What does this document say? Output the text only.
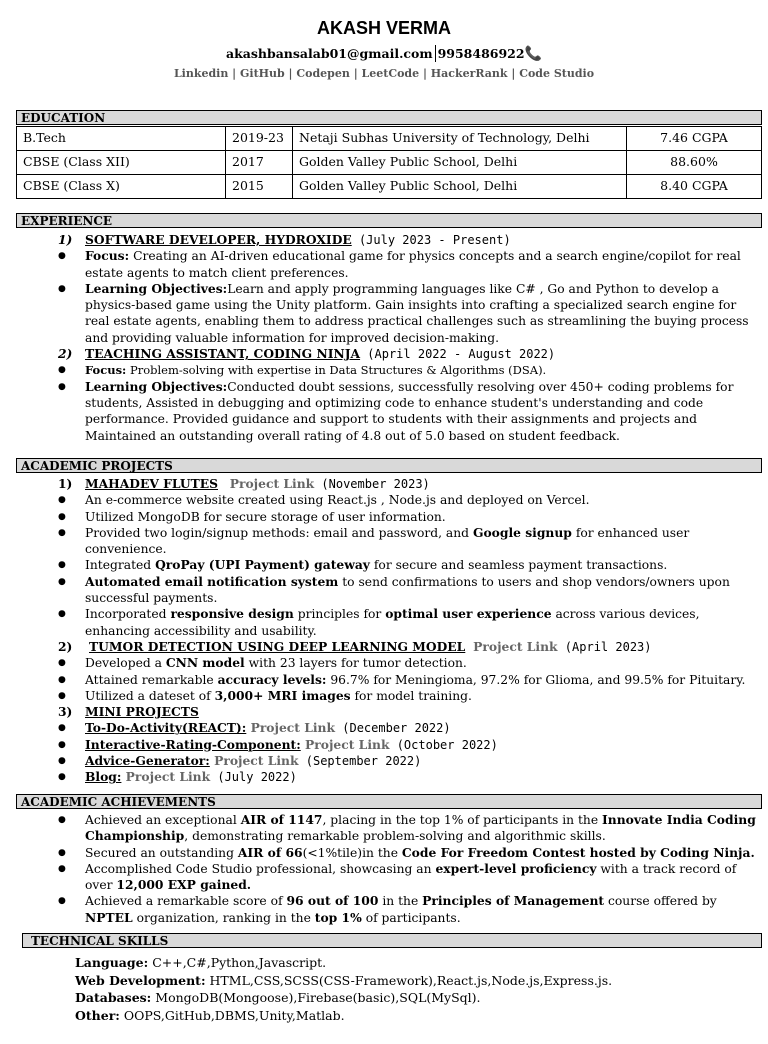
AKASH VERMA
akashbansalab01@gmail.com 9958486922📞
Linkedin | GitHub | Codepen | LeetCode | HackerRank | Code Studio
EDUCATION
B.Tech	2019-23	Netaji Subhas University of Technology, Delhi	7.46 CGPA
CBSE (Class XII)	2017	Golden Valley Public School, Delhi	88.60%
CBSE (Class X)	2015	Golden Valley Public School, Delhi	8.40 CGPA
EXPERIENCE
1) SOFTWARE DEVELOPER, HYDROXIDE (July 2023 - Present)
● Focus: Creating an AI-driven educational game for physics concepts and a search engine/copilot for real estate agents to match client preferences.
● Learning Objectives:Learn and apply programming languages like C# , Go and Python to develop a physics-based game using the Unity platform. Gain insights into crafting a specialized search engine for real estate agents, enabling them to address practical challenges such as streamlining the buying process and providing valuable information for improved decision-making.
2) TEACHING ASSISTANT, CODING NINJA (April 2022 - August 2022)
● Focus: Problem-solving with expertise in Data Structures & Algorithms (DSA).
● Learning Objectives:Conducted doubt sessions, successfully resolving over 450+ coding problems for students, Assisted in debugging and optimizing code to enhance student's understanding and code performance. Provided guidance and support to students with their assignments and projects and Maintained an outstanding overall rating of 4.8 out of 5.0 based on student feedback.
ACADEMIC PROJECTS
1) MAHADEV FLUTES Project Link (November 2023)
● An e-commerce website created using React.js , Node.js and deployed on Vercel.
● Utilized MongoDB for secure storage of user information.
● Provided two login/signup methods: email and password, and Google signup for enhanced user convenience.
● Integrated QroPay (UPI Payment) gateway for secure and seamless payment transactions.
● Automated email notification system to send confirmations to users and shop vendors/owners upon successful payments.
● Incorporated responsive design principles for optimal user experience across various devices, enhancing accessibility and usability.
2) TUMOR DETECTION USING DEEP LEARNING MODEL Project Link (April 2023)
● Developed a CNN model with 23 layers for tumor detection.
● Attained remarkable accuracy levels: 96.7% for Meningioma, 97.2% for Glioma, and 99.5% for Pituitary.
● Utilized a dateset of 3,000+ MRI images for model training.
3) MINI PROJECTS
● To-Do-Activity(REACT): Project Link (December 2022)
● Interactive-Rating-Component: Project Link (October 2022)
● Advice-Generator: Project Link (September 2022)
● Blog: Project Link (July 2022)
ACADEMIC ACHIEVEMENTS
● Achieved an exceptional AIR of 1147, placing in the top 1% of participants in the Innovate India Coding Championship, demonstrating remarkable problem-solving and algorithmic skills.
● Secured an outstanding AIR of 66(<1%tile)in the Code For Freedom Contest hosted by Coding Ninja.
● Accomplished Code Studio professional, showcasing an expert-level proficiency with a track record of over 12,000 EXP gained.
● Achieved a remarkable score of 96 out of 100 in the Principles of Management course offered by NPTEL organization, ranking in the top 1% of participants.
TECHNICAL SKILLS
Language: C++,C#,Python,Javascript.
Web Development: HTML,CSS,SCSS(CSS-Framework),React.js,Node.js,Express.js.
Databases: MongoDB(Mongoose),Firebase(basic),SQL(MySql).
Other: OOPS,GitHub,DBMS,Unity,Matlab.
